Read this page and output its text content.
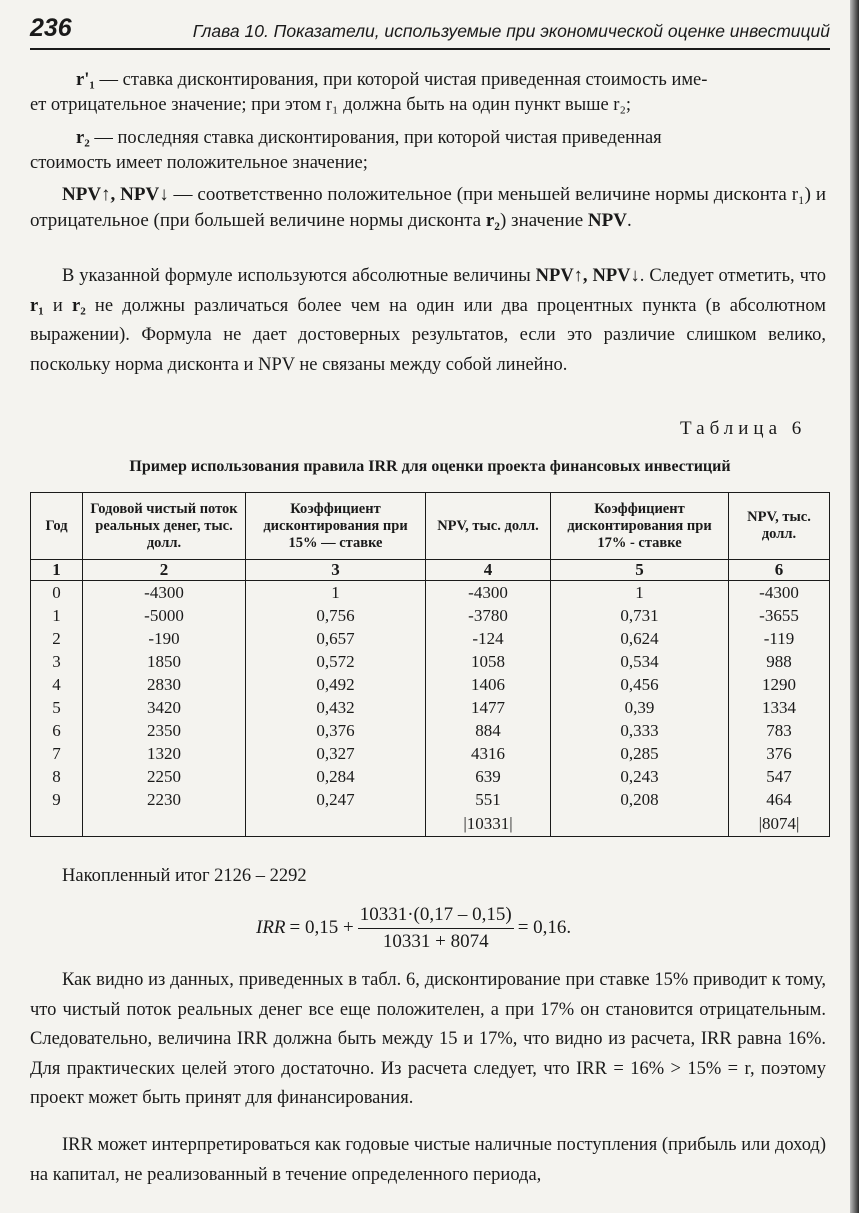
236	Глава 10. Показатели, используемые при экономической оценке инвестиций
r'₁ — ставка дисконтирования, при которой чистая приведенная стоимость име-
ет отрицательное значение; при этом r₁ должна быть на один пункт выше r₂;
r₂ — последняя ставка дисконтирования, при которой чистая приведенная
стоимость имеет положительное значение;
NPV↑, NPV↓ — соответственно положительное (при меньшей величине нормы дисконта r₁) и отрицательное (при большей величине нормы дисконта r₂) значение NPV.
В указанной формуле используются абсолютные величины NPV↑, NPV↓. Следует отметить, что r₁ и r₂ не должны различаться более чем на один или два процентных пункта (в абсолютном выражении). Формула не дает достоверных результатов, если это различие слишком велико, поскольку норма дисконта и NPV не связаны между собой линейно.
Таблица 6
Пример использования правила IRR для оценки проекта финансовых инвестиций
Год	Годовой чистый поток реальных денег, тыс. долл.	Коэффициент дисконтирования при 15% — ставке	NPV, тыс. долл.	Коэффициент дисконтирования при 17% - ставке	NPV, тыс. долл.
1	2	3	4	5	6
0	-4300	1	-4300	1	-4300
1	-5000	0,756	-3780	0,731	-3655
2	-190	0,657	-124	0,624	-119
3	1850	0,572	1058	0,534	988
4	2830	0,492	1406	0,456	1290
5	3420	0,432	1477	0,39	1334
6	2350	0,376	884	0,333	783
7	1320	0,327	4316	0,285	376
8	2250	0,284	639	0,243	547
9	2230	0,247	551	0,208	464
			|10331|		|8074|
Накопленный итог 2126 – 2292
IRR = $0,15 + \frac{10331\cdot(0,17 - 0,15)}{10331 + 8074} = 0,16$.
Как видно из данных, приведенных в табл. 6, дисконтирование при ставке 15% приводит к тому, что чистый поток реальных денег все еще положителен, а при 17% он становится отрицательным. Следовательно, величина IRR должна быть между 15 и 17%, что видно из расчета, IRR равна 16%. Для практических целей этого достаточно. Из расчета следует, что IRR = 16% > 15% = r, поэтому проект может быть принят для финансирования.
IRR может интерпретироваться как годовые чистые наличные поступления (прибыль или доход) на капитал, не реализованный в течение определенного периода,
